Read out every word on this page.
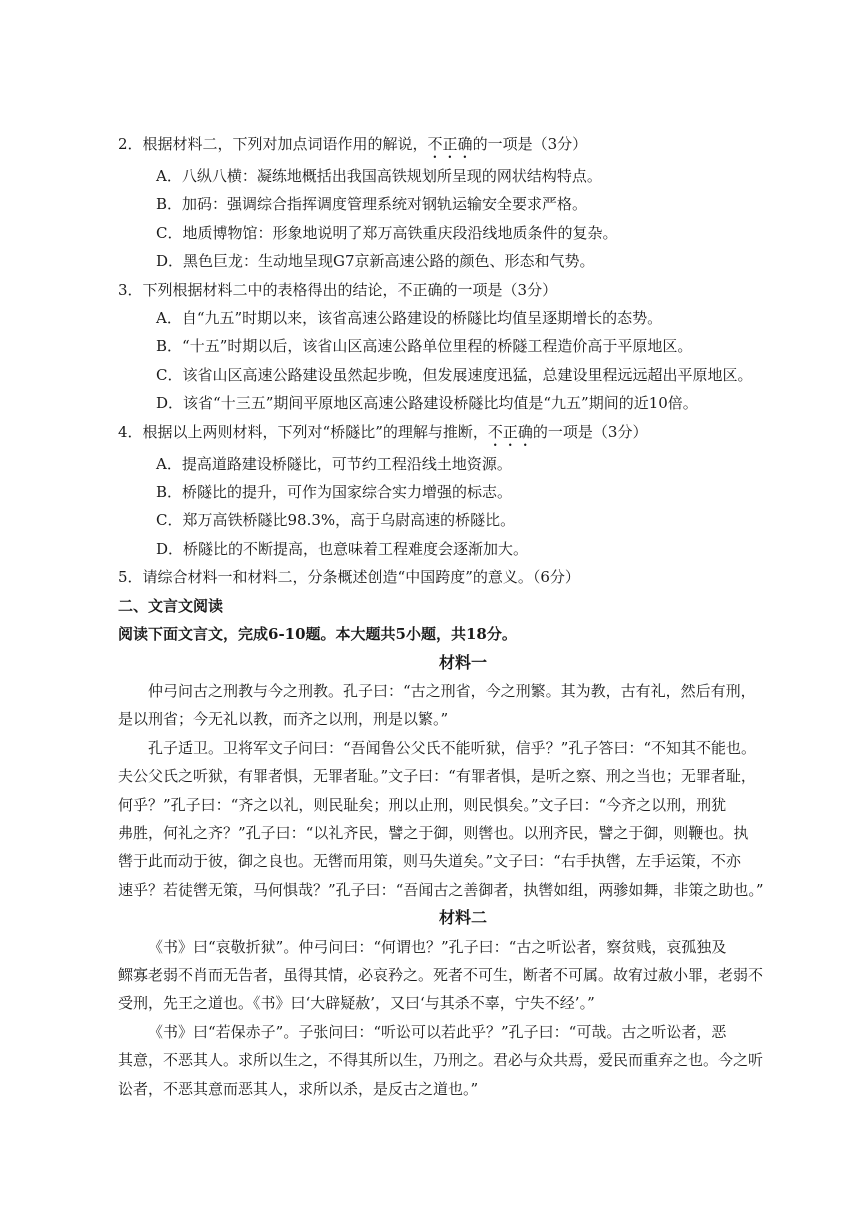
2．根据材料二，下列对加点词语作用的解说，不正确的一项是（3分）
A．八纵八横：凝练地概括出我国高铁规划所呈现的网状结构特点。
B．加码：强调综合指挥调度管理系统对钢轨运输安全要求严格。
C．地质博物馆：形象地说明了郑万高铁重庆段沿线地质条件的复杂。
D．黑色巨龙：生动地呈现G7京新高速公路的颜色、形态和气势。
3．下列根据材料二中的表格得出的结论，不正确的一项是（3分）
A．自“九五”时期以来，该省高速公路建设的桥隧比均值呈逐期增长的态势。
B．“十五”时期以后，该省山区高速公路单位里程的桥隧工程造价高于平原地区。
C．该省山区高速公路建设虽然起步晚，但发展速度迅猛，总建设里程远远超出平原地区。
D．该省“十三五”期间平原地区高速公路建设桥隧比均值是“九五”期间的近10倍。
4．根据以上两则材料，下列对“桥隧比”的理解与推断，不正确的一项是（3分）
A．提高道路建设桥隧比，可节约工程沿线土地资源。
B．桥隧比的提升，可作为国家综合实力增强的标志。
C．郑万高铁桥隧比98.3%，高于乌尉高速的桥隧比。
D．桥隧比的不断提高，也意味着工程难度会逐渐加大。
5．请综合材料一和材料二，分条概述创造“中国跨度”的意义。（6分）
二、文言文阅读
阅读下面文言文，完成6-10题。本大题共5小题，共18分。
材料一
仲弓问古之刑教与今之刑教。孔子曰：“古之刑省，今之刑繁。其为教，古有礼，然后有刑，
是以刑省；今无礼以教，而齐之以刑，刑是以繁。”
孔子适卫。卫将军文子问曰：“吾闻鲁公父氏不能听狱，信乎？”孔子答曰：“不知其不能也。
夫公父氏之听狱，有罪者惧，无罪者耻。”文子曰：“有罪者惧，是听之察、刑之当也；无罪者耻，
何乎？”孔子曰：“齐之以礼，则民耻矣；刑以止刑，则民惧矣。”文子曰：“今齐之以刑，刑犹
弗胜，何礼之齐？”孔子曰：“以礼齐民，譬之于御，则辔也。以刑齐民，譬之于御，则鞭也。执
辔于此而动于彼，御之良也。无辔而用策，则马失道矣。”文子曰：“右手执辔，左手运策，不亦
速乎？若徒辔无策，马何惧哉？”孔子曰：“吾闻古之善御者，执辔如组，两骖如舞，非策之助也。”
材料二
《书》曰“哀敬折狱”。仲弓问曰：“何谓也？”孔子曰：“古之听讼者，察贫贱，哀孤独及
鳏寡老弱不肖而无告者，虽得其情，必哀矜之。死者不可生，断者不可属。故宥过赦小罪，老弱不
受刑，先王之道也。《书》曰‘大辟疑赦’，又曰‘与其杀不辜，宁失不经’。”
《书》曰“若保赤子”。子张问曰：“听讼可以若此乎？”孔子曰：“可哉。古之听讼者，恶
其意，不恶其人。求所以生之，不得其所以生，乃刑之。君必与众共焉，爱民而重弃之也。今之听
讼者，不恶其意而恶其人，求所以杀，是反古之道也。”
